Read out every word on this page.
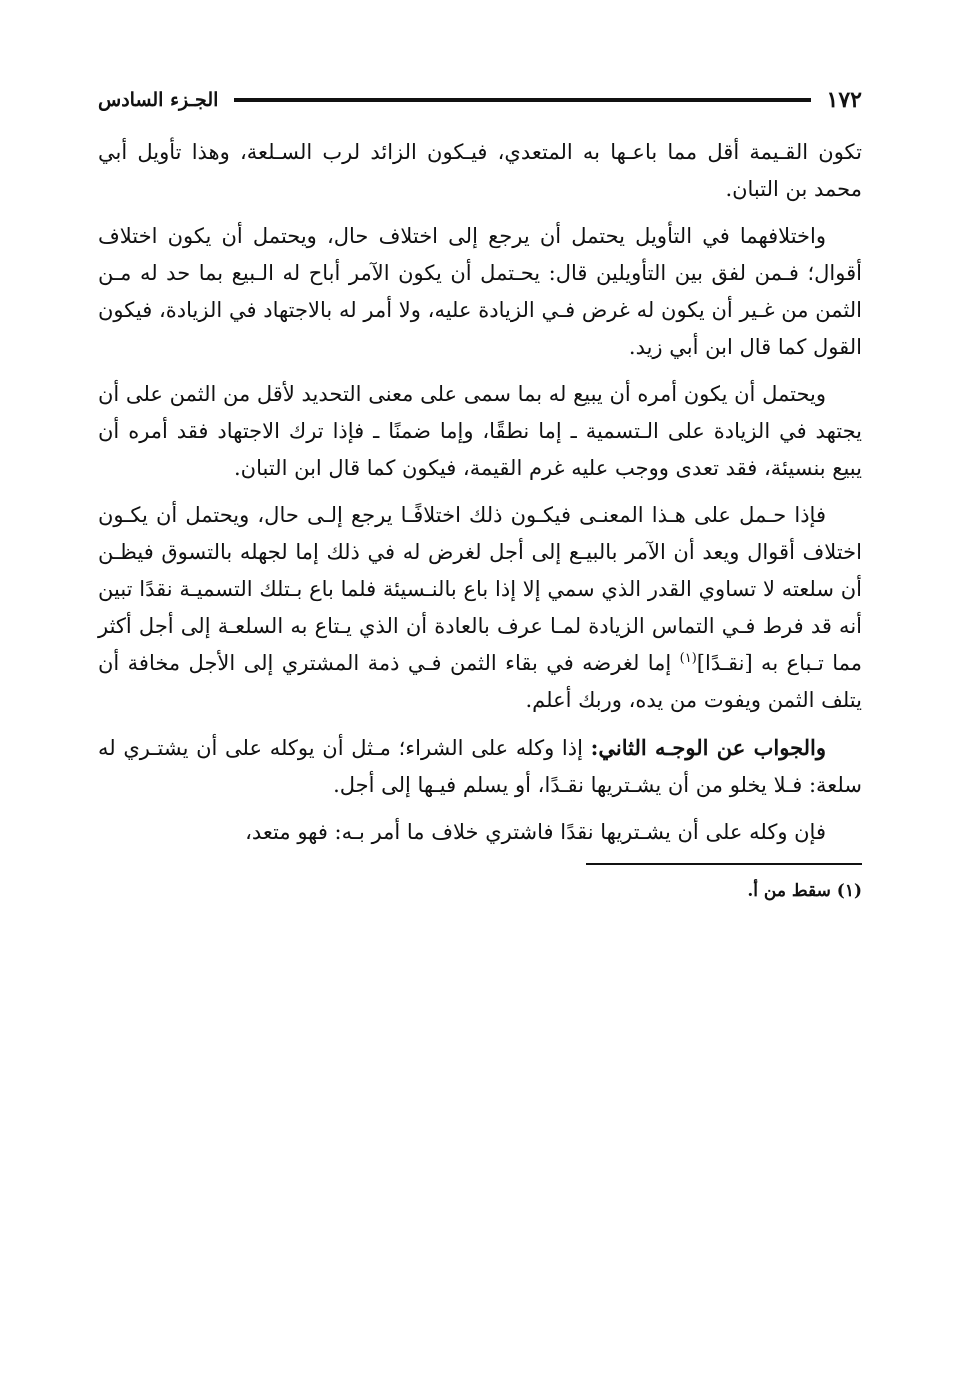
١٧٢
الجـزء السادس

تكون القـيمة أقل مما باعـها به المتعدي، فيـكون الزائد لرب السـلعة، وهذا تأويل أبي محمد بن التبان.

واختلافهما في التأويل يحتمل أن يرجع إلى اختلاف حال، ويحتمل أن يكون اختلاف أقوال؛ فـمن لفق بين التأويلين قال: يحـتمل أن يكون الآمر أباح له الـبيع بما حد له مـن الثمن من غـير أن يكون له غرض فـي الزيادة عليه، ولا أمر له بالاجتهاد في الزيادة، فيكون القول كما قال ابن أبي زيد.

ويحتمل أن يكون أمره أن يبيع له بما سمى على معنى التحديد لأقل من الثمن على أن يجتهد في الزيادة على الـتسمية ـ إما نطقًا، وإما ضمنًا ـ فإذا ترك الاجتهاد فقد أمره أن يبيع بنسيئة، فقد تعدى ووجب عليه غرم القيمة، فيكون كما قال ابن التبان.

فإذا حـمل على هـذا المعنـى فيكـون ذلك اختلافًـا يرجع إلـى حال، ويحتمل أن يكـون اختلاف أقوال ويعد أن الآمر بالبيـع إلى أجل لغرض له في ذلك إما لجهله بالتسوق فيظـن أن سلعته لا تساوي القدر الذي سمي إلا إذا باع بالنـسيئة فلما باع بـتلك التسميـة نقدًا تبين أنه قد فرط فـي التماس الزيادة لمـا عرف بالعادة أن الذي يـتاع به السلعـة إلى أجل أكثر مما تـباع به [نقـدًا]$^{(١)}$ إما لغرضه في بقاء الثمن فـي ذمة المشتري إلى الأجل مخافة أن يتلف الثمن ويفوت من يده، وربك أعلم.

والجواب عن الوجـه الثاني: إذا وكله على الشراء؛ مـثل أن يوكله على أن يشتـري له سلعة: فـلا يخلو من أن يشـتريها نقـدًا، أو يسلم فيـها إلى أجل.

فإن وكله على أن يشـتريها نقدًا فاشتري خلاف ما أمر بـه: فهو متعد،

(١) سقط من أ.
